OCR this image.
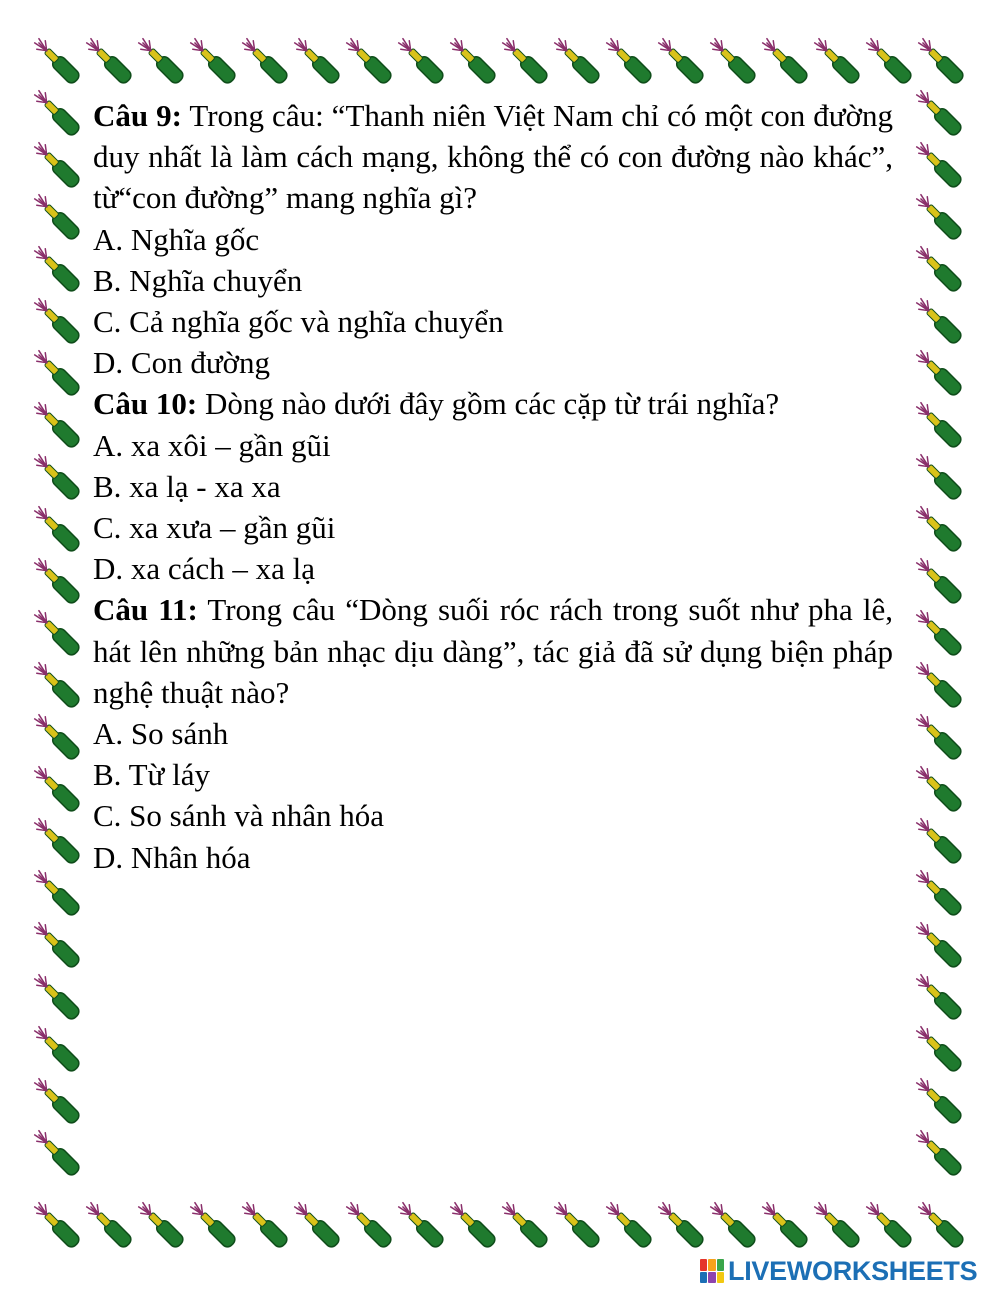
Câu 9: Trong câu: “Thanh niên Việt Nam chỉ có một con đường duy nhất là làm cách mạng, không thể có con đường nào khác”, từ“con đường” mang nghĩa gì?

A. Nghĩa gốc

B. Nghĩa chuyển

C. Cả nghĩa gốc và nghĩa chuyển

D. Con đường

Câu 10: Dòng nào dưới đây gồm các cặp từ trái nghĩa?

A. xa xôi – gần gũi

B. xa lạ - xa xa

C. xa xưa – gần gũi

D. xa cách – xa lạ

Câu 11: Trong câu “Dòng suối róc rách trong suốt như pha lê, hát lên những bản nhạc dịu dàng”, tác giả đã sử dụng biện pháp nghệ thuật nào?

A. So sánh

B. Từ láy

C. So sánh và nhân hóa

D. Nhân hóa

LIVEWORKSHEETS
